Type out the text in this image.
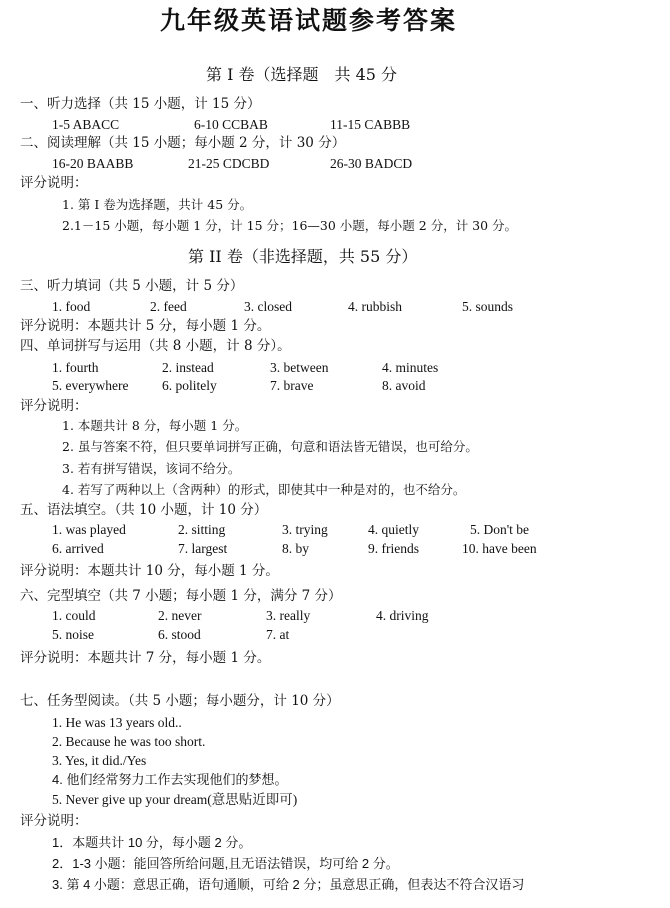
九年级英语试题参考答案
第 I 卷（选择题　共 45 分
一、听力选择（共 15 小题，计 15 分）
1-5 ABACC	6-10 CCBAB	11-15 CABBB
二、阅读理解（共 15 小题；每小题 2 分，计 30 分）
16-20 BAABB	21-25 CDCBD	26-30 BADCD
评分说明：
1. 第 I 卷为选择题，共计 45 分。
2.1－15 小题，每小题 1 分，计 15 分；16—30 小题，每小题 2 分，计 30 分。
第 II 卷（非选择题，共 55 分）
三、听力填词（共 5 小题，计 5 分）
1. food	2. feed	3. closed	4. rubbish	5. sounds
评分说明：本题共计 5 分，每小题 1 分。
四、单词拼写与运用（共 8 小题，计 8 分）。
1. fourth	2. instead	3. between	4. minutes
5. everywhere 6. politely	7. brave	8. avoid
评分说明：
1. 本题共计 8 分，每小题 1 分。
2. 虽与答案不符，但只要单词拼写正确，句意和语法皆无错误，也可给分。
3. 若有拼写错误，该词不给分。
4. 若写了两种以上（含两种）的形式，即使其中一种是对的，也不给分。
五、语法填空。（共 10 小题，计 10 分）
1. was played	2. sitting	3. trying	4. quietly	5. Don't be
6. arrived	7. largest	8. by	9. friends	10. have been
评分说明：本题共计 10 分，每小题 1 分。
六、完型填空（共 7 小题；每小题 1 分，满分 7 分）
1. could	2. never	3. really	4. driving
5. noise	6. stood	7. at
评分说明：本题共计 7 分，每小题 1 分。
七、任务型阅读。（共 5 小题；每小题分，计 10 分）
1. He was 13 years old..
2. Because he was too short.
3. Yes, it did./Yes
4. 他们经常努力工作去实现他们的梦想。
5. Never give up your dream(意思贴近即可)
评分说明：
1．本题共计 10 分，每小题 2 分。
2．1-3 小题：能回答所给问题,且无语法错误，均可给 2 分。
3. 第 4 小题：意思正确，语句通顺，可给 2 分；虽意思正确，但表达不符合汉语习
